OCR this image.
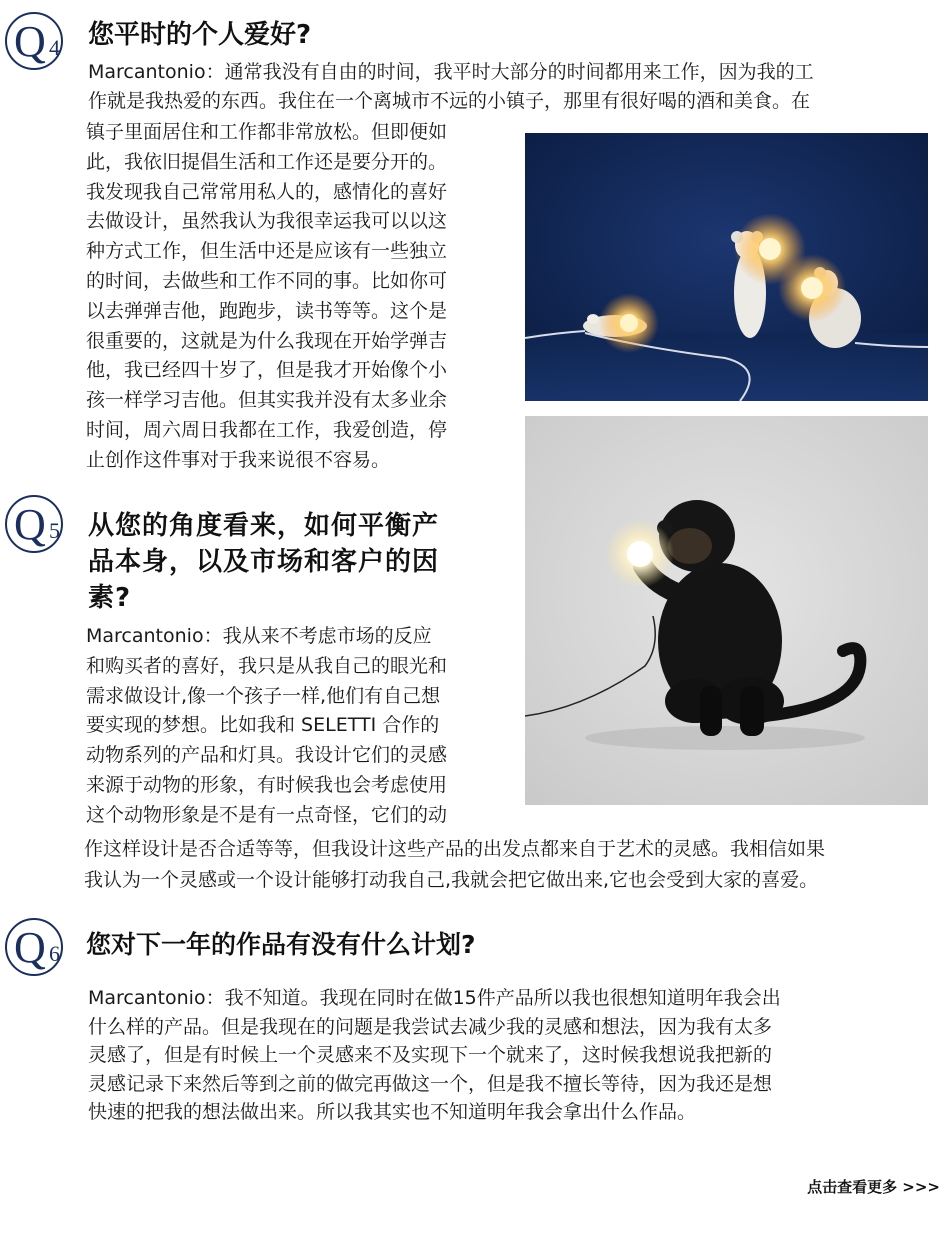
Q 4 您平时的个人爱好?
Marcantonio：通常我没有自由的时间，我平时大部分的时间都用来工作，因为我的工
作就是我热爱的东西。我住在一个离城市不远的小镇子，那里有很好喝的酒和美食。在
镇子里面居住和工作都非常放松。但即便如
此，我依旧提倡生活和工作还是要分开的。
我发现我自己常常用私人的，感情化的喜好
去做设计，虽然我认为我很幸运我可以以这
种方式工作，但生活中还是应该有一些独立
的时间，去做些和工作不同的事。比如你可
以去弹弹吉他，跑跑步，读书等等。这个是
很重要的，这就是为什么我现在开始学弹吉
他，我已经四十岁了，但是我才开始像个小
孩一样学习吉他。但其实我并没有太多业余
时间，周六周日我都在工作，我爱创造，停
止创作这件事对于我来说很不容易。
Q 5 从您的角度看来，如何平衡产
品本身，以及市场和客户的因
素?
Marcantonio：我从来不考虑市场的反应
和购买者的喜好，我只是从我自己的眼光和
需求做设计,像一个孩子一样,他们有自己想
要实现的梦想。比如我和 SELETTI 合作的
动物系列的产品和灯具。我设计它们的灵感
来源于动物的形象，有时候我也会考虑使用
这个动物形象是不是有一点奇怪，它们的动
作这样设计是否合适等等，但我设计这些产品的出发点都来自于艺术的灵感。我相信如果
我认为一个灵感或一个设计能够打动我自己,我就会把它做出来,它也会受到大家的喜爱。
Q 6 您对下一年的作品有没有什么计划?
Marcantonio：我不知道。我现在同时在做15件产品所以我也很想知道明年我会出
什么样的产品。但是我现在的问题是我尝试去减少我的灵感和想法，因为我有太多
灵感了，但是有时候上一个灵感来不及实现下一个就来了，这时候我想说我把新的
灵感记录下来然后等到之前的做完再做这一个，但是我不擅长等待，因为我还是想
快速的把我的想法做出来。所以我其实也不知道明年我会拿出什么作品。
点击查看更多 >>>
